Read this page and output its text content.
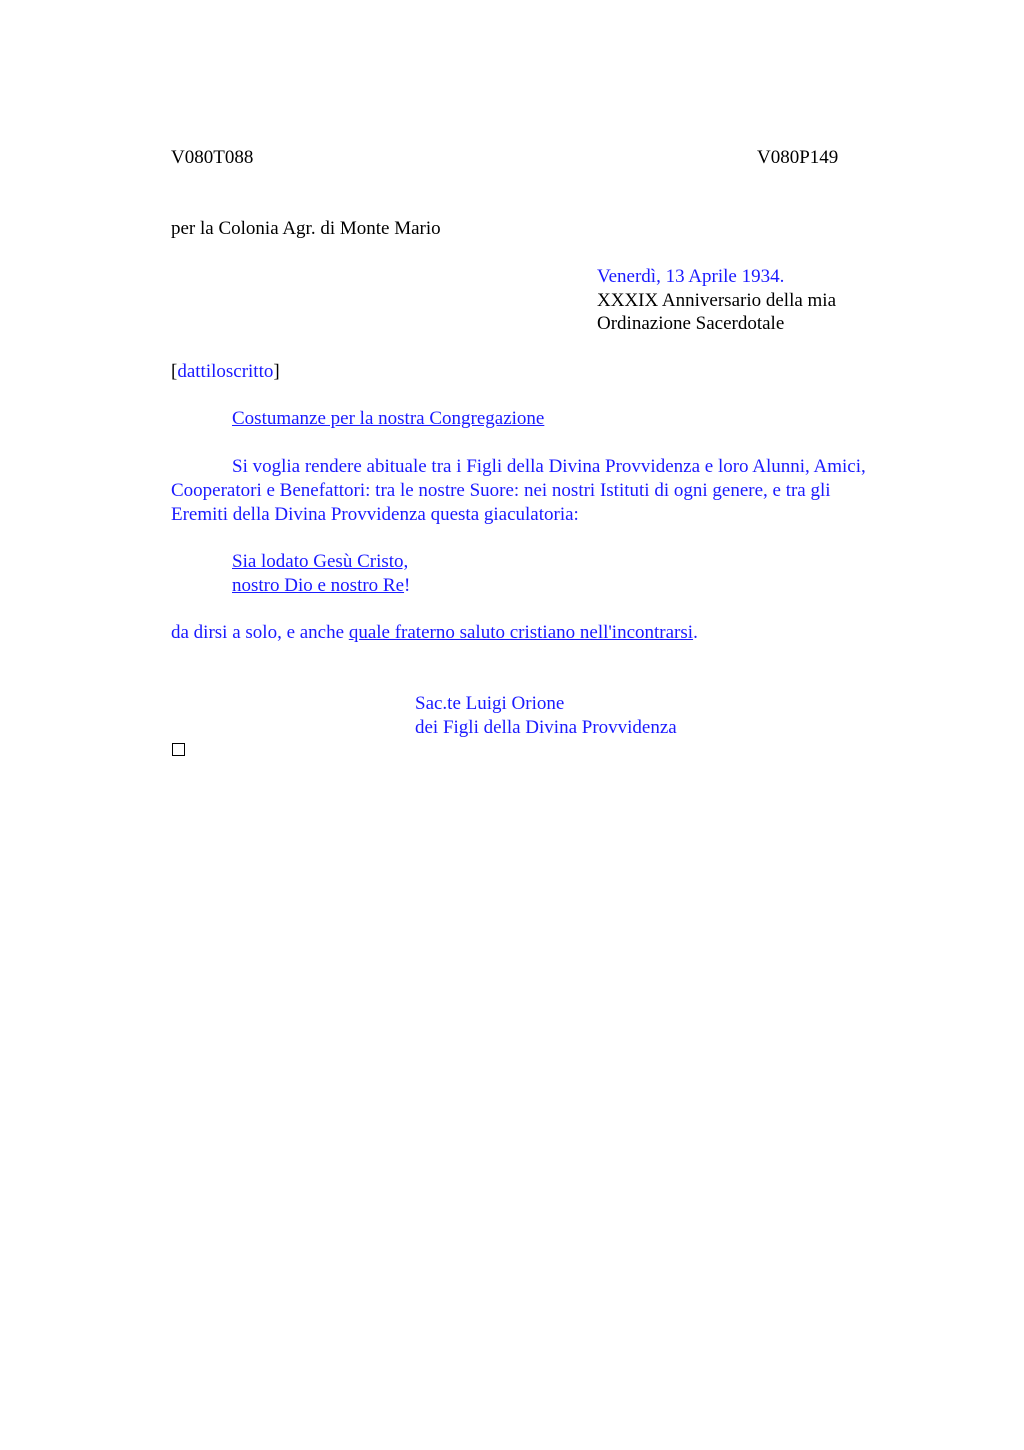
V080T088	V080P149
per la Colonia Agr. di Monte Mario
Venerdì, 13 Aprile 1934.
XXXIX Anniversario della mia
Ordinazione Sacerdotale
[dattiloscritto]
Costumanze per la nostra Congregazione
Si voglia rendere abituale tra i Figli della Divina Provvidenza e loro Alunni, Amici,
Cooperatori e Benefattori: tra le nostre Suore: nei nostri Istituti di ogni genere, e tra gli
Eremiti della Divina Provvidenza questa giaculatoria:
Sia lodato Gesù Cristo,
nostro Dio e nostro Re!
da dirsi a solo, e anche quale fraterno saluto cristiano nell'incontrarsi.
Sac.te Luigi Orione
dei Figli della Divina Provvidenza
